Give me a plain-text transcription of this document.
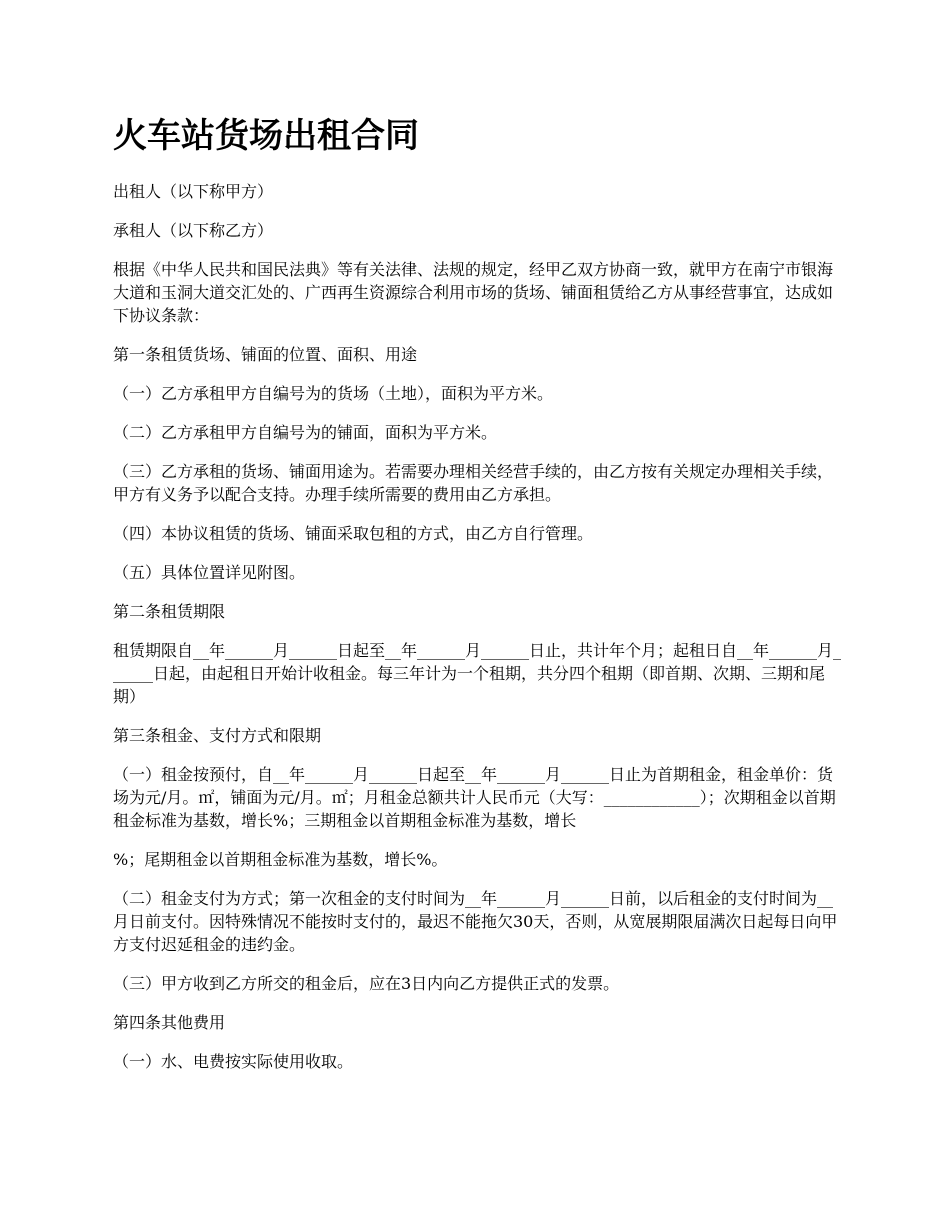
火车站货场出租合同

出租人（以下称甲方）

承租人（以下称乙方）

根据《中华人民共和国民法典》等有关法律、法规的规定，经甲乙双方协商一致，就甲方在南宁市银海大道和玉洞大道交汇处的、广西再生资源综合利用市场的货场、铺面租赁给乙方从事经营事宜，达成如下协议条款：

第一条租赁货场、铺面的位置、面积、用途

（一）乙方承租甲方自编号为的货场（土地），面积为平方米。

（二）乙方承租甲方自编号为的铺面，面积为平方米。

（三）乙方承租的货场、铺面用途为。若需要办理相关经营手续的，由乙方按有关规定办理相关手续，甲方有义务予以配合支持。办理手续所需要的费用由乙方承担。

（四）本协议租赁的货场、铺面采取包租的方式，由乙方自行管理。

（五）具体位置详见附图。

第二条租赁期限

租赁期限自__年______月______日起至__年______月______日止，共计年个月；起租日自__年______月______日起，由起租日开始计收租金。每三年计为一个租期，共分四个租期（即首期、次期、三期和尾期）

第三条租金、支付方式和限期

（一）租金按预付，自__年______月______日起至__年______月______日止为首期租金，租金单价：货场为元/月。㎡，铺面为元/月。㎡；月租金总额共计人民币元（大写：____________）；次期租金以首期租金标准为基数，增长%；三期租金以首期租金标准为基数，增长

%；尾期租金以首期租金标准为基数，增长%。

（二）租金支付为方式；第一次租金的支付时间为__年______月______日前，以后租金的支付时间为__月日前支付。因特殊情况不能按时支付的，最迟不能拖欠30天，否则，从宽展期限届满次日起每日向甲方支付迟延租金的违约金。

（三）甲方收到乙方所交的租金后，应在3日内向乙方提供正式的发票。

第四条其他费用

（一）水、电费按实际使用收取。
